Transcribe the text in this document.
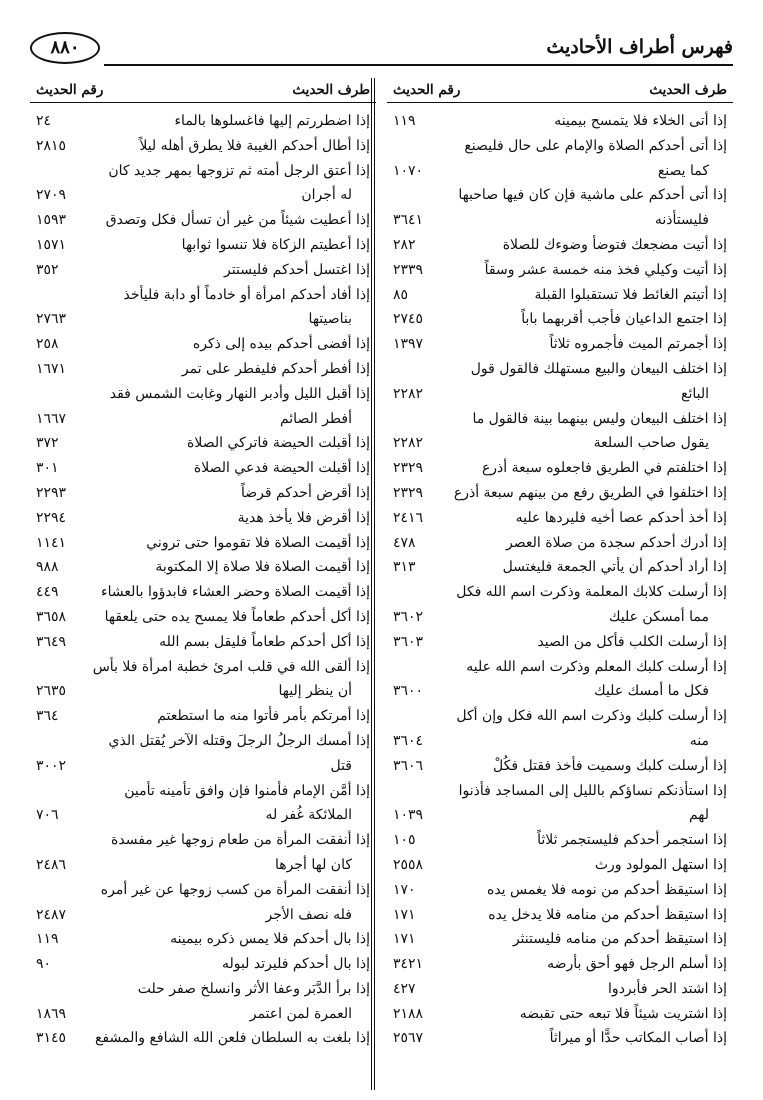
فهرس أطراف الأحاديث
٨٨٠
طرف الحديث
رقم الحديث
إذا أتى الخلاء فلا يتمسح بيمينه
١١٩
إذا أتى أحدكم الصلاة والإمام على حال فليصنع
كما يصنع
١٠٧٠
إذا أتى أحدكم على ماشية فإن كان فيها صاحبها
فليستأذنه
٣٦٤١
إذا أتيت مضجعك فتوضأ وضوءك للصلاة
٢٨٢
إذا أتيت وكيلي فخذ منه خمسة عشر وسقاً
٢٣٣٩
إذا أتيتم الغائط فلا تستقبلوا القبلة
٨٥
إذا اجتمع الداعيان فأجب أقربهما باباً
٢٧٤٥
إذا أجمرتم الميت فأجمروه ثلاثاً
١٣٩٧
إذا اختلف البيعان والبيع مستهلك فالقول قول
البائع
٢٢٨٢
إذا اختلف البيعان وليس بينهما بينة فالقول ما
يقول صاحب السلعة
٢٢٨٢
إذا اختلفتم في الطريق فاجعلوه سبعة أذرع
٢٣٢٩
إذا اختلفوا في الطريق رفع من بينهم سبعة أذرع
٢٣٢٩
إذا أخذ أحدكم عصا أخيه فليردها عليه
٢٤١٦
إذا أدرك أحدكم سجدة من صلاة العصر
٤٧٨
إذا أراد أحدكم أن يأتي الجمعة فليغتسل
٣١٣
إذا أرسلت كلابك المعلمة وذكرت اسم الله فكل
مما أمسكن عليك
٣٦٠٢
إذا أرسلت الكلب فأكل من الصيد
٣٦٠٣
إذا أرسلت كلبك المعلم وذكرت اسم الله عليه
فكل ما أمسك عليك
٣٦٠٠
إذا أرسلت كلبك وذكرت اسم الله فكل وإن أكل
منه
٣٦٠٤
إذا أرسلت كلبك وسميت فأخذ فقتل فكُلْ
٣٦٠٦
إذا استأذنكم نساؤكم بالليل إلى المساجد فأذنوا
لهم
١٠٣٩
إذا استجمر أحدكم فليستجمر ثلاثاً
١٠٥
إذا استهل المولود ورث
٢٥٥٨
إذا استيقظ أحدكم من نومه فلا يغمس يده
١٧٠
إذا استيقظ أحدكم من منامه فلا يدخل يده
١٧١
إذا استيقظ أحدكم من منامه فليستنثر
١٧١
إذا أسلم الرجل فهو أحق بأرضه
٣٤٢١
إذا اشتد الحر فأبردوا
٤٢٧
إذا اشتريت شيئاً فلا تبعه حتى تقبضه
٢١٨٨
إذا أصاب المكاتب حدًّا أو ميراثاً
٢٥٦٧
طرف الحديث
رقم الحديث
إذا اضطررتم إليها فاغسلوها بالماء
٢٤
إذا أطال أحدكم الغيبة فلا يطرق أهله ليلاً
٢٨١٥
إذا أعتق الرجل أمته ثم تزوجها بمهر جديد كان
له أجران
٢٧٠٩
إذا أعطيت شيئاً من غير أن تسأل فكل وتصدق
١٥٩٣
إذا أعطيتم الزكاة فلا تنسوا ثوابها
١٥٧١
إذا اغتسل أحدكم فليستتر
٣٥٢
إذا أفاد أحدكم امرأة أو خادماً أو دابة فليأخذ
بناصيتها
٢٧٦٣
إذا أفضى أحدكم بيده إلى ذكره
٢٥٨
إذا أفطر أحدكم فليفطر على تمر
١٦٧١
إذا أقبل الليل وأدبر النهار وغابت الشمس فقد
أفطر الصائم
١٦٦٧
إذا أقبلت الحيضة فاتركي الصلاة
٣٧٢
إذا أقبلت الحيضة فدعي الصلاة
٣٠١
إذا أقرض أحدكم قرضاً
٢٢٩٣
إذا أقرض فلا يأخذ هدية
٢٢٩٤
إذا أقيمت الصلاة فلا تقوموا حتى تروني
١١٤١
إذا أقيمت الصلاة فلا صلاة إلا المكتوبة
٩٨٨
إذا أقيمت الصلاة وحضر العشاء فابدؤوا بالعشاء
٤٤٩
إذا أكل أحدكم طعاماً فلا يمسح يده حتى يلعقها
٣٦٥٨
إذا أكل أحدكم طعاماً فليقل بسم الله
٣٦٤٩
إذا ألقى الله في قلب امرئ خطبة امرأة فلا بأس
أن ينظر إليها
٢٦٣٥
إذا أمرتكم بأمر فأتوا منه ما استطعتم
٣٦٤
إذا أمسك الرجلُ الرجلَ وقتله الآخر يُقتل الذي
قتل
٣٠٠٢
إذا أمَّن الإمام فأمنوا فإن وافق تأمينه تأمين
الملائكة غُفر له
٧٠٦
إذا أنفقت المرأة من طعام زوجها غير مفسدة
كان لها أجرها
٢٤٨٦
إذا أنفقت المرأة من كسب زوجها عن غير أمره
فله نصف الأجر
٢٤٨٧
إذا بال أحدكم فلا يمس ذكره بيمينه
١١٩
إذا بال أحدكم فليرتد لبوله
٩٠
إذا برأ الدَّبَر وعفا الأثر وانسلخ صفر حلت
العمرة لمن اعتمر
١٨٦٩
إذا بلغت به السلطان فلعن الله الشافع والمشفع
٣١٤٥
